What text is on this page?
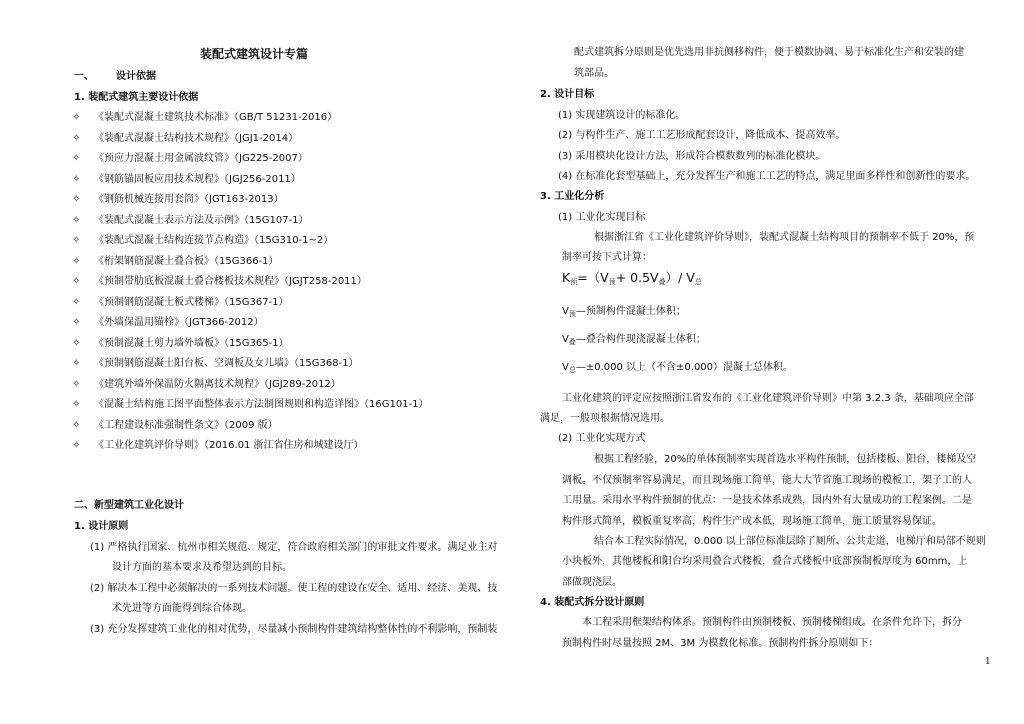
装配式建筑设计专篇
一、 设计依据
1. 装配式建筑主要设计依据
✧ 《装配式混凝土建筑技术标准》（GB/T 51231-2016）
✧ 《装配式混凝土结构技术规程》（JGJ1-2014）
✧ 《预应力混凝土用金属波纹管》（JG225-2007）
✧ 《钢筋锚固板应用技术规程》（JGJ256-2011）
✧ 《钢筋机械连接用套筒》（JGT163-2013）
✧ 《装配式混凝土表示方法及示例》（15G107-1）
✧ 《装配式混凝土结构连接节点构造》（15G310-1~2）
✧ 《桁架钢筋混凝土叠合板》（15G366-1）
✧ 《预制带肋底板混凝土叠合楼板技术规程》（JGJT258-2011）
✧ 《预制钢筋混凝土板式楼梯》（15G367-1）
✧ 《外墙保温用锚栓》（JGT366-2012）
✧ 《预制混凝土剪力墙外墙板》（15G365-1）
✧ 《预制钢筋混凝土阳台板、空调板及女儿墙》（15G368-1）
✧ 《建筑外墙外保温防火隔离技术规程》（JGJ289-2012）
✧ 《混凝土结构施工图平面整体表示方法制图规则和构造详图》（16G101-1）
✧ 《工程建设标准强制性条文》（2009 版）
✧ 《工业化建筑评价导则》（2016.01 浙江省住房和城建设厅）
二、新型建筑工业化设计
1. 设计原则
(1) 严格执行国家、杭州市相关规范、规定，符合政府相关部门的审批文件要求。满足业主对
设计方面的基本要求及希望达到的目标。
(2) 解决本工程中必须解决的一系列技术问题。使工程的建设在安全、适用、经济、美观、技
术先进等方面能得到综合体现。
(3) 充分发挥建筑工业化的相对优势，尽量减小预制构件建筑结构整体性的不利影响，预制装
配式建筑拆分原则是优先选用非抗侧移构件，便于模数协调、易于标准化生产和安装的建
筑部品。
2. 设计目标
(1) 实现建筑设计的标准化。
(2) 与构件生产、施工工艺形成配套设计，降低成本、提高效率。
(3) 采用模块化设计方法，形成符合模数数列的标准化模块。
(4) 在标准化套型基础上，充分发挥生产和施工工艺的特点，满足里面多样性和创新性的要求。
3. 工业化分析
(1) 工业化实现目标
根据浙江省《工业化建筑评价导则》，装配式混凝土结构项目的预制率不低于 20%，预
制率可按下式计算：
$K_预=(V_预+ 0.5V_叠)/$ $V_总$
$V_预—$预制构件混凝土体积；
$V_叠—$叠合构件现浇混凝土体积；
$V_总—\pm 0.000$ 以上（不含±0.000）混凝土总体积。
工业化建筑的评定应按照浙江省发布的《工业化建筑评价导则》中第 3.2.3 条，基础项应全部
满足，一般项根据情况选用。
(2) 工业化实现方式
根据工程经验，20%的单体预制率实现首选水平构件预制，包括楼板、阳台，楼梯及空
调板。不仅预制率容易满足，而且现场施工简单，能大大节省施工现场的模板工，架子工的人
工用量。采用水平构件预制的优点：一是技术体系成熟，国内外有大量成功的工程案例。二是
构件形式简单，模板重复率高，构件生产成本低，现场施工简单，施工质量容易保证。
结合本工程实际情况，0.000 以上部位标准层除了厕所、公共走道，电梯厅和局部不规则
小块板外，其他楼板和阳台均采用叠合式楼板，叠合式楼板中底部预制板厚度为 60mm，上
部做现浇层。
4. 装配式拆分设计原则
本工程采用框架结构体系。预制构件由预制楼板、预制楼梯组成。在条件允许下，拆分
预制构件时尽量按照 2M、3M 为模数化标准。预制构件拆分原则如下：
1
